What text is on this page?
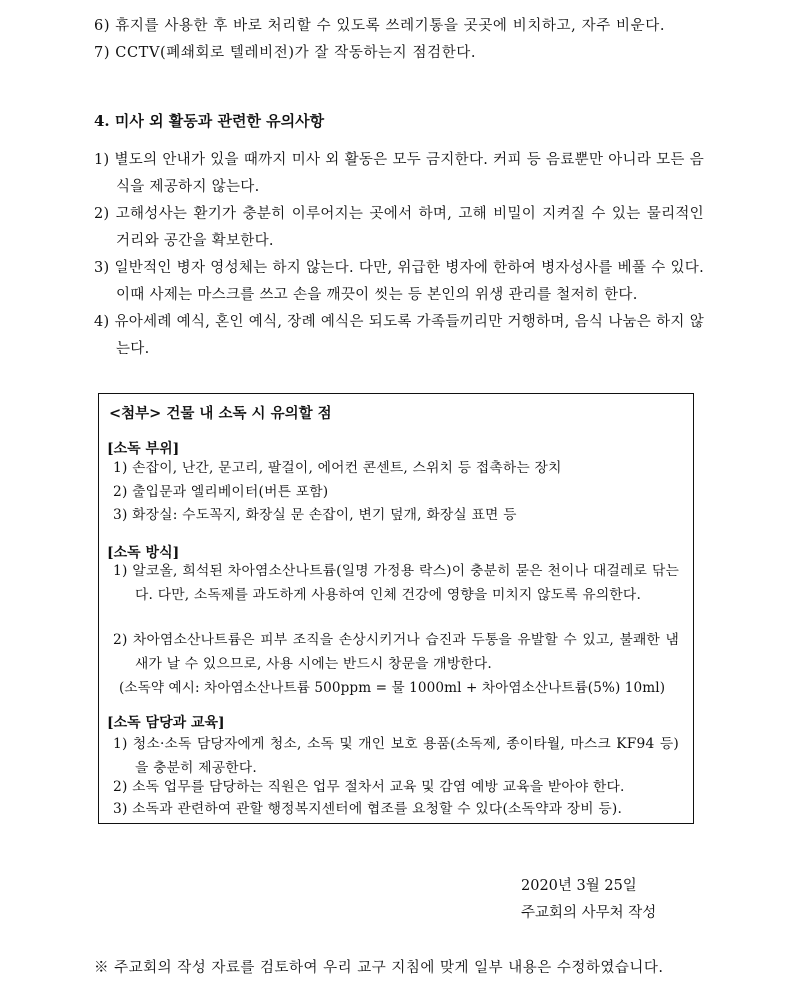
6) 휴지를 사용한 후 바로 처리할 수 있도록 쓰레기통을 곳곳에 비치하고, 자주 비운다.
7) CCTV(폐쇄회로 텔레비전)가 잘 작동하는지 점검한다.
4. 미사 외 활동과 관련한 유의사항
1) 별도의 안내가 있을 때까지 미사 외 활동은 모두 금지한다. 커피 등 음료뿐만 아니라 모든 음식을 제공하지 않는다.
2) 고해성사는 환기가 충분히 이루어지는 곳에서 하며, 고해 비밀이 지켜질 수 있는 물리적인 거리와 공간을 확보한다.
3) 일반적인 병자 영성체는 하지 않는다. 다만, 위급한 병자에 한하여 병자성사를 베풀 수 있다. 이때 사제는 마스크를 쓰고 손을 깨끗이 씻는 등 본인의 위생 관리를 철저히 한다.
4) 유아세례 예식, 혼인 예식, 장례 예식은 되도록 가족들끼리만 거행하며, 음식 나눔은 하지 않는다.
<첨부> 건물 내 소독 시 유의할 점
[소독 부위]
1) 손잡이, 난간, 문고리, 팔걸이, 에어컨 콘센트, 스위치 등 접촉하는 장치
2) 출입문과 엘리베이터(버튼 포함)
3) 화장실: 수도꼭지, 화장실 문 손잡이, 변기 덮개, 화장실 표면 등
[소독 방식]
1) 알코올, 희석된 차아염소산나트륨(일명 가정용 락스)이 충분히 묻은 천이나 대걸레로 닦는다. 다만, 소독제를 과도하게 사용하여 인체 건강에 영향을 미치지 않도록 유의한다.
2) 차아염소산나트륨은 피부 조직을 손상시키거나 습진과 두통을 유발할 수 있고, 불쾌한 냄새가 날 수 있으므로, 사용 시에는 반드시 창문을 개방한다.
(소독약 예시: 차아염소산나트륨 500ppm = 물 1000ml + 차아염소산나트륨(5%) 10ml)
[소독 담당과 교육]
1) 청소·소독 담당자에게 청소, 소독 및 개인 보호 용품(소독제, 종이타월, 마스크 KF94 등)을 충분히 제공한다.
2) 소독 업무를 담당하는 직원은 업무 절차서 교육 및 감염 예방 교육을 받아야 한다.
3) 소독과 관련하여 관할 행정복지센터에 협조를 요청할 수 있다(소독약과 장비 등).
2020년 3월 25일
주교회의 사무처 작성
※ 주교회의 작성 자료를 검토하여 우리 교구 지침에 맞게 일부 내용은 수정하였습니다.
